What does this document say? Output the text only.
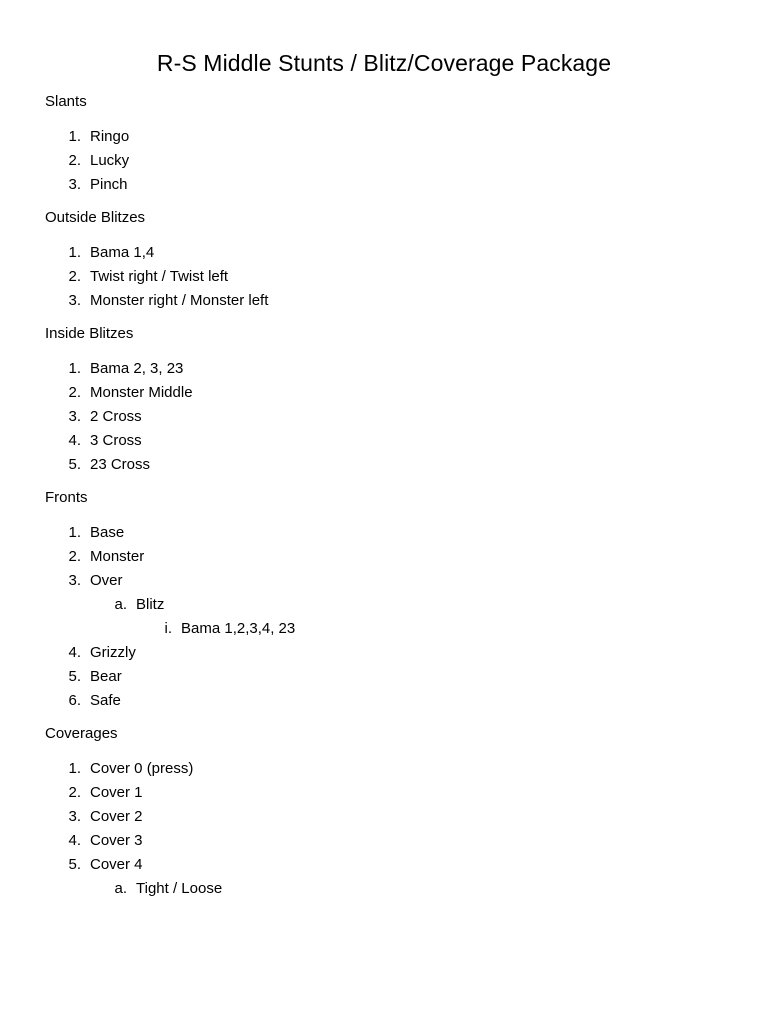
R-S Middle Stunts / Blitz/Coverage Package
Slants
1. Ringo
2. Lucky
3. Pinch
Outside Blitzes
1. Bama 1,4
2. Twist right / Twist left
3. Monster right / Monster left
Inside Blitzes
1. Bama 2, 3, 23
2. Monster Middle
3. 2 Cross
4. 3 Cross
5. 23 Cross
Fronts
1. Base
2. Monster
3. Over
a. Blitz
i. Bama 1,2,3,4, 23
4. Grizzly
5. Bear
6. Safe
Coverages
1. Cover 0 (press)
2. Cover 1
3. Cover 2
4. Cover 3
5. Cover 4
a. Tight / Loose
